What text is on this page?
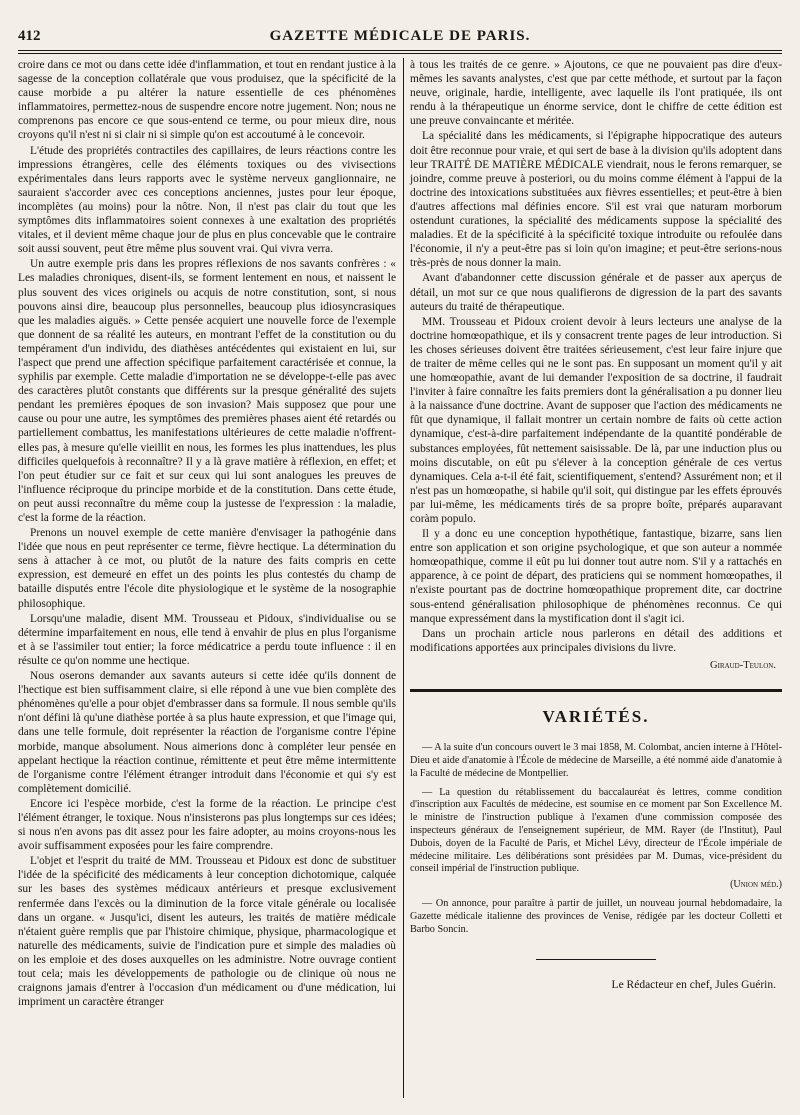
412	GAZETTE MÉDICALE DE PARIS.

croire dans ce mot ou dans cette idée d'inflammation, et tout en rendant justice à la sagesse de la conception collatérale que vous produisez, que la spécificité de la cause morbide a pu altérer la nature essentielle de ces phénomènes inflammatoires, permettez-nous de suspendre encore notre jugement. Non; nous ne comprenons pas encore ce que sous-entend ce terme, ou pour mieux dire, nous croyons qu'il n'est ni si clair ni si simple qu'on est accoutumé à le concevoir.

L'étude des propriétés contractiles des capillaires, de leurs réactions contre les impressions étrangères, celle des éléments toxiques ou des vivisections expérimentales dans leurs rapports avec le système nerveux ganglionnaire, ne sauraient s'accorder avec ces conceptions anciennes, justes pour leur époque, incomplètes (au moins) pour la nôtre. Non, il n'est pas clair du tout que les symptômes dits inflammatoires soient connexes à une exaltation des propriétés vitales, et il devient même chaque jour de plus en plus concevable que le contraire soit aussi souvent, peut être même plus souvent vrai. Qui vivra verra.

Un autre exemple pris dans les propres réflexions de nos savants confrères : « Les maladies chroniques, disent-ils, se forment lentement en nous, et naissent le plus souvent des vices originels ou acquis de notre constitution, sont, si nous pouvons ainsi dire, beaucoup plus personnelles, beaucoup plus idiosyncrasiques que les maladies aiguës. » Cette pensée acquiert une nouvelle force de l'exemple que donnent de sa réalité les auteurs, en montrant l'effet de la constitution ou du tempérament d'un individu, des diathèses antécédentes qui existaient en lui, sur l'aspect que prend une affection spécifique parfaitement caractérisée et connue, la syphilis par exemple. Cette maladie d'importation ne se développe-t-elle pas avec des caractères plutôt constants que différents sur la presque généralité des sujets pendant les premières époques de son invasion? Mais supposez que pour une cause ou pour une autre, les symptômes des premières phases aient été retardés ou partiellement combattus, les manifestations ultérieures de cette maladie n'offrent-elles pas, à mesure qu'elle vieillit en nous, les formes les plus inattendues, les plus difficiles quelquefois à reconnaître? Il y a là grave matière à réflexion, en effet; et l'on peut étudier sur ce fait et sur ceux qui lui sont analogues les preuves de l'influence réciproque du principe morbide et de la constitution. Dans cette étude, on peut aussi reconnaître du même coup la justesse de l'expression : la maladie, c'est la forme de la réaction.

Prenons un nouvel exemple de cette manière d'envisager la pathogénie dans l'idée que nous en peut représenter ce terme, fièvre hectique. La détermination du sens à attacher à ce mot, ou plutôt de la nature des faits compris en cette expression, est demeuré en effet un des points les plus contestés du champ de bataille disputés entre l'école dite physiologique et le système de la nosographie philosophique.

Lorsqu'une maladie, disent MM. Trousseau et Pidoux, s'individualise ou se détermine imparfaitement en nous, elle tend à envahir de plus en plus l'organisme et à se l'assimiler tout entier; la force médicatrice a perdu toute influence : il en résulte ce qu'on nomme une hectique.

Nous oserons demander aux savants auteurs si cette idée qu'ils donnent de l'hectique est bien suffisamment claire, si elle répond à une vue bien complète des phénomènes qu'elle a pour objet d'embrasser dans sa formule. Il nous semble qu'ils n'ont défini là qu'une diathèse portée à sa plus haute expression, et que l'image qui, dans une telle formule, doit représenter la réaction de l'organisme contre l'épine morbide, manque absolument. Nous aimerions donc à compléter leur pensée en appelant hectique la réaction continue, rémittente et peut être même intermittente de l'organisme contre l'élément étranger introduit dans l'économie et qui s'y est complètement domicilié.

Encore ici l'espèce morbide, c'est la forme de la réaction. Le principe c'est l'élément étranger, le toxique. Nous n'insisterons pas plus longtemps sur ces idées; si nous n'en avons pas dit assez pour les faire adopter, au moins croyons-nous les avoir suffisamment exposées pour les faire comprendre.

L'objet et l'esprit du traité de MM. Trousseau et Pidoux est donc de substituer l'idée de la spécificité des médicaments à leur conception dichotomique, calquée sur les bases des systèmes médicaux antérieurs et presque exclusivement renfermée dans l'excès ou la diminution de la force vitale générale ou localisée dans un organe. « Jusqu'ici, disent les auteurs, les traités de matière médicale n'étaient guère remplis que par l'histoire chimique, physique, pharmacologique et naturelle des médicaments, suivie de l'indication pure et simple des maladies où on les emploie et des doses auxquelles on les administre. Notre ouvrage contient tout cela; mais les développements de pathologie ou de clinique où nous ne craignons jamais d'entrer à l'occasion d'un médicament ou d'une médication, lui impriment un caractère étranger

à tous les traités de ce genre. » Ajoutons, ce que ne pouvaient pas dire d'eux-mêmes les savants analystes, c'est que par cette méthode, et surtout par la façon neuve, originale, hardie, intelligente, avec laquelle ils l'ont pratiquée, ils ont rendu à la thérapeutique un énorme service, dont le chiffre de cette édition est une preuve convaincante et méritée.

La spécialité dans les médicaments, si l'épigraphe hippocratique des auteurs doit être reconnue pour vraie, et qui sert de base à la division qu'ils adoptent dans leur TRAITÉ DE MATIÈRE MÉDICALE viendrait, nous le ferons remarquer, se joindre, comme preuve à posteriori, ou du moins comme élément à l'appui de la doctrine des intoxications substituées aux fièvres essentielles; et peut-être à bien d'autres affections mal définies encore. S'il est vrai que naturam morborum ostendunt curationes, la spécialité des médicaments suppose la spécialité des maladies. Et de la spécificité à la spécificité toxique introduite ou refoulée dans l'économie, il n'y a peut-être pas si loin qu'on imagine; et peut-être serions-nous très-près de nous donner la main.

Avant d'abandonner cette discussion générale et de passer aux aperçus de détail, un mot sur ce que nous qualifierons de digression de la part des savants auteurs du traité de thérapeutique.

MM. Trousseau et Pidoux croient devoir à leurs lecteurs une analyse de la doctrine homœopathique, et ils y consacrent trente pages de leur introduction. Si les choses sérieuses doivent être traitées sérieusement, c'est leur faire injure que de traiter de même celles qui ne le sont pas. En supposant un moment qu'il y ait une homœopathie, avant de lui demander l'exposition de sa doctrine, il faudrait l'inviter à faire connaître les faits premiers dont la généralisation a pu donner lieu à la naissance d'une doctrine. Avant de supposer que l'action des médicaments ne fût que dynamique, il fallait montrer un certain nombre de faits où cette action dynamique, c'est-à-dire parfaitement indépendante de la quantité pondérable de substances employées, fût nettement saisissable. De là, par une induction plus ou moins discutable, on eût pu s'élever à la conception générale de ces vertus dynamiques. Cela a-t-il été fait, scientifiquement, s'entend? Assurément non; et il n'est pas un homœopathe, si habile qu'il soit, qui distingue par les effets éprouvés par lui-même, les médicaments tirés de sa propre boîte, préparés auparavant coràm populo.

Il y a donc eu une conception hypothétique, fantastique, bizarre, sans lien entre son application et son origine psychologique, et que son auteur a nommée homœopathique, comme il eût pu lui donner tout autre nom. S'il y a rattachés en apparence, à ce point de départ, des praticiens qui se nomment homœopathes, il n'existe pourtant pas de doctrine homœopathique proprement dite, car doctrine sous-entend généralisation philosophique de phénomènes reconnus. Ce qui manque expressément dans la mystification dont il s'agit ici.

Dans un prochain article nous parlerons en détail des additions et modifications apportées aux principales divisions du livre.

Giraud-Teulon.
VARIÉTÉS.

— A la suite d'un concours ouvert le 3 mai 1858, M. Colombat, ancien interne à l'Hôtel-Dieu et aide d'anatomie à l'École de médecine de Marseille, a été nommé aide d'anatomie à la Faculté de médecine de Montpellier.

— La question du rétablissement du baccalauréat ès lettres, comme condition d'inscription aux Facultés de médecine, est soumise en ce moment par Son Excellence M. le ministre de l'instruction publique à l'examen d'une commission composée des inspecteurs généraux de l'enseignement supérieur, de MM. Rayer (de l'Institut), Paul Dubois, doyen de la Faculté de Paris, et Michel Lévy, directeur de l'École impériale de médecine militaire. Les délibérations sont présidées par M. Dumas, vice-président du conseil impérial de l'instruction publique.

(Union méd.)

— On annonce, pour paraître à partir de juillet, un nouveau journal hebdomadaire, la Gazette médicale italienne des provinces de Venise, rédigée par les docteur Colletti et Barbo Soncin.

Le Rédacteur en chef, Jules Guérin.
